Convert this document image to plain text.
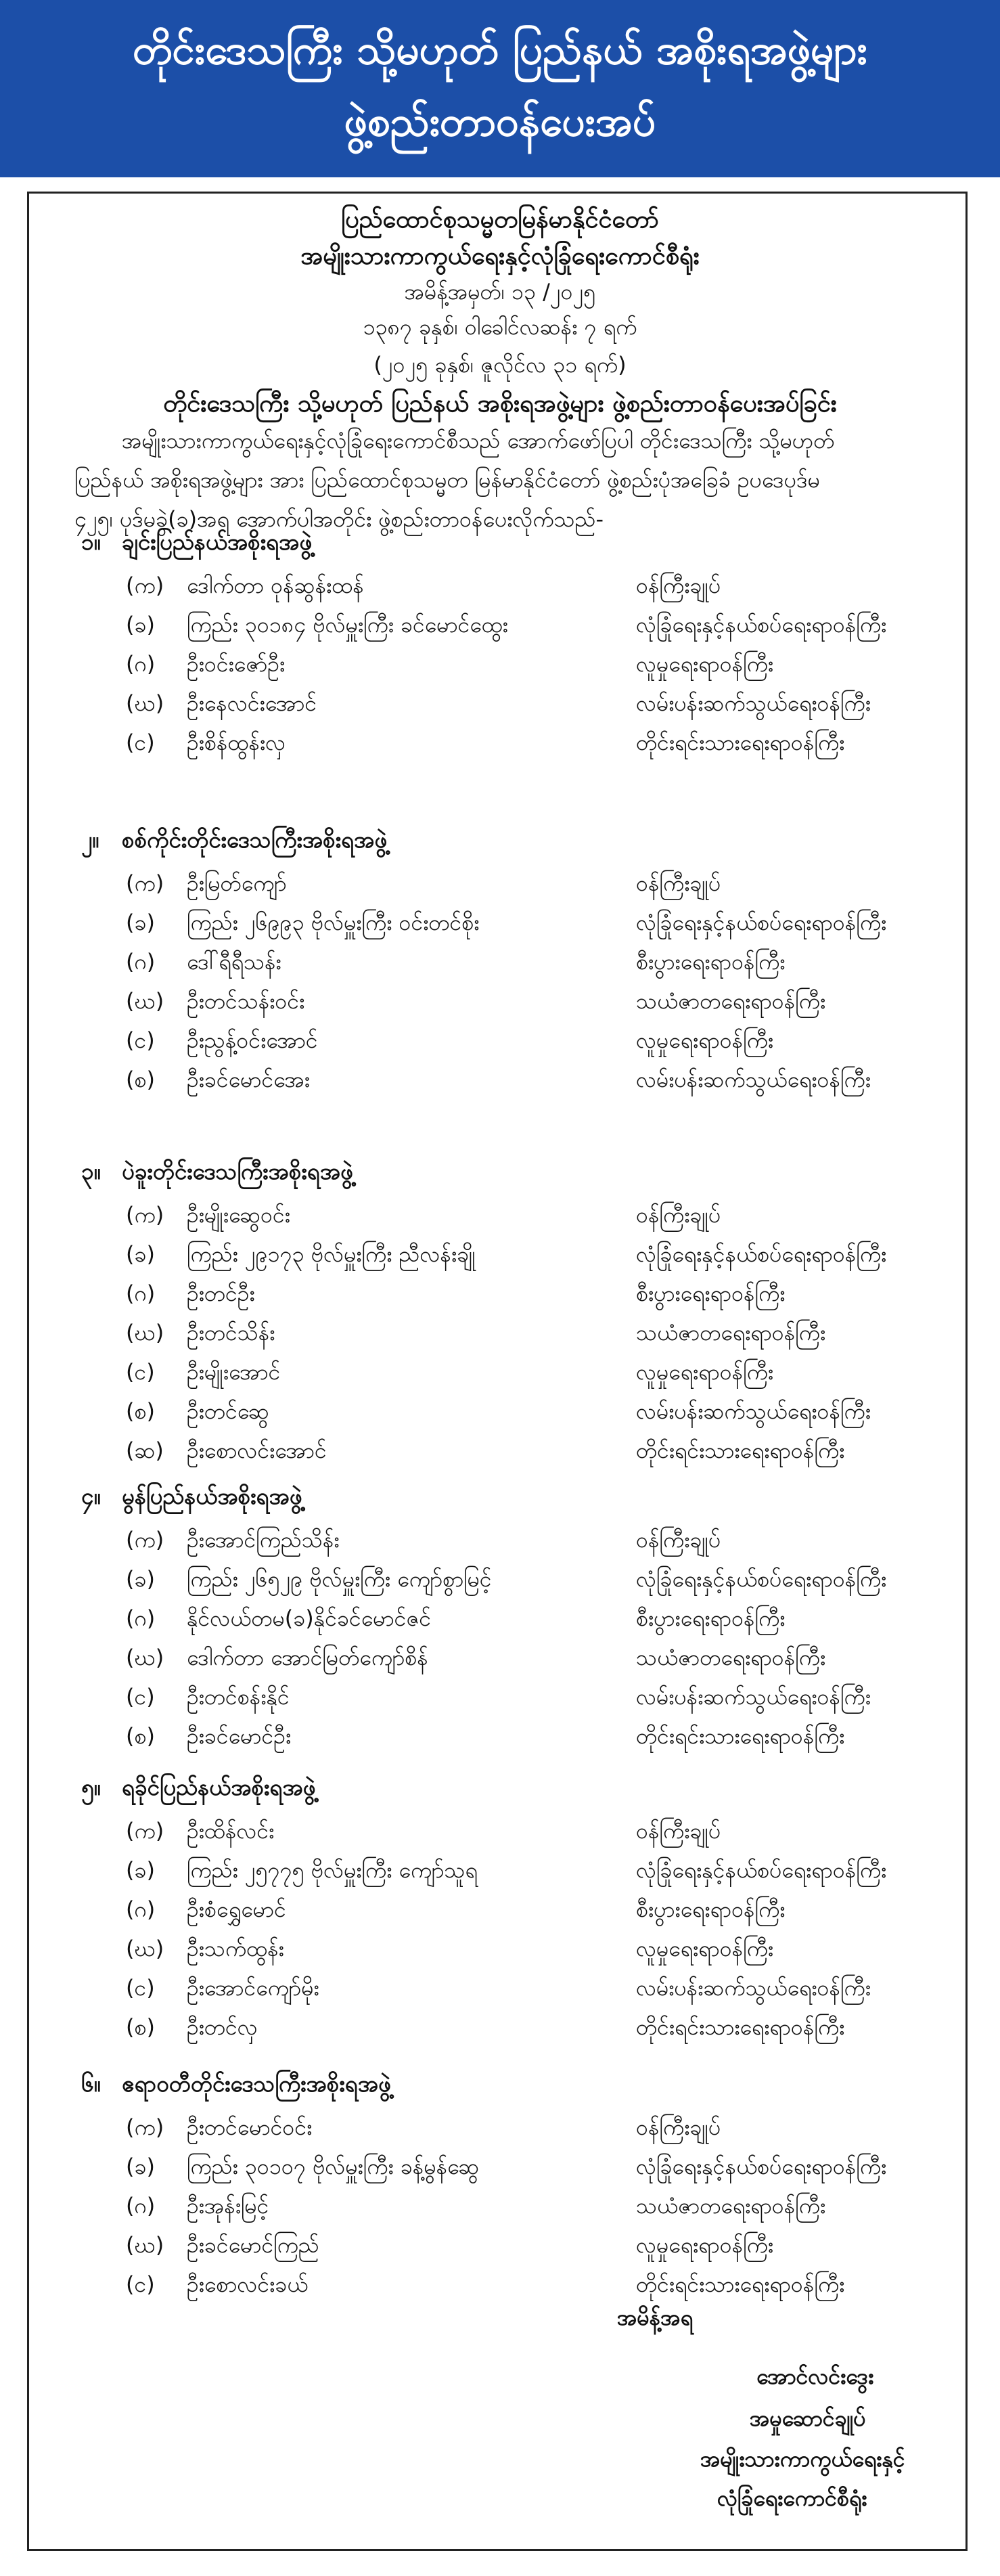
တိုင်းဒေသကြီး သို့မဟုတ် ပြည်နယ် အစိုးရအဖွဲ့များ
ဖွဲ့စည်းတာဝန်ပေးအပ်
ပြည်ထောင်စုသမ္မတမြန်မာနိုင်ငံတော်
အမျိုးသားကာကွယ်ရေးနှင့်လုံခြုံရေးကောင်စီရုံး
အမိန့်အမှတ်၊ ၁၃ /၂၀၂၅
၁၃၈၇ ခုနှစ်၊ ဝါခေါင်လဆန်း ၇ ရက်
(၂၀၂၅ ခုနှစ်၊ ဇူလိုင်လ ၃၁ ရက်)
တိုင်းဒေသကြီး သို့မဟုတ် ပြည်နယ် အစိုးရအဖွဲ့များ ဖွဲ့စည်းတာဝန်ပေးအပ်ခြင်း
အမျိုးသားကာကွယ်ရေးနှင့်လုံခြုံရေးကောင်စီသည် အောက်ဖော်ပြပါ တိုင်းဒေသကြီး သို့မဟုတ်
ပြည်နယ် အစိုးရအဖွဲ့များ အား ပြည်ထောင်စုသမ္မတ မြန်မာနိုင်ငံတော် ဖွဲ့စည်းပုံအခြေခံ ဥပဒေပုဒ်မ
၄၂၅၊ ပုဒ်မခွဲ(ခ)အရ အောက်ပါအတိုင်း ဖွဲ့စည်းတာဝန်ပေးလိုက်သည်-
၁။ ချင်းပြည်နယ်အစိုးရအဖွဲ့
(က) ဒေါက်တာ ဝုန်ဆွန်းထန်	ဝန်ကြီးချုပ်
(ခ) ကြည်း ၃၀၁၈၄ ဗိုလ်မှူးကြီး ခင်မောင်ထွေး	လုံခြုံရေးနှင့်နယ်စပ်ရေးရာဝန်ကြီး
(ဂ) ဦးဝင်းဇော်ဦး	လူမှုရေးရာဝန်ကြီး
(ဃ) ဦးနေလင်းအောင်	လမ်းပန်းဆက်သွယ်ရေးဝန်ကြီး
(င) ဦးစိန်ထွန်းလှ	တိုင်းရင်းသားရေးရာဝန်ကြီး
၂။ စစ်ကိုင်းတိုင်းဒေသကြီးအစိုးရအဖွဲ့
(က) ဦးမြတ်ကျော်	ဝန်ကြီးချုပ်
(ခ) ကြည်း ၂၆၉၉၃ ဗိုလ်မှူးကြီး ဝင်းတင်စိုး	လုံခြုံရေးနှင့်နယ်စပ်ရေးရာဝန်ကြီး
(ဂ) ဒေါ်ရီရီသန်း	စီးပွားရေးရာဝန်ကြီး
(ဃ) ဦးတင်သန်းဝင်း	သယံဇာတရေးရာဝန်ကြီး
(င) ဦးညွန့်ဝင်းအောင်	လူမှုရေးရာဝန်ကြီး
(စ) ဦးခင်မောင်အေး	လမ်းပန်းဆက်သွယ်ရေးဝန်ကြီး
၃။ ပဲခူးတိုင်းဒေသကြီးအစိုးရအဖွဲ့
(က) ဦးမျိုးဆွေဝင်း	ဝန်ကြီးချုပ်
(ခ) ကြည်း ၂၉၁၇၃ ဗိုလ်မှူးကြီး ညီလန်းချို	လုံခြုံရေးနှင့်နယ်စပ်ရေးရာဝန်ကြီး
(ဂ) ဦးတင်ဦး	စီးပွားရေးရာဝန်ကြီး
(ဃ) ဦးတင်သိန်း	သယံဇာတရေးရာဝန်ကြီး
(င) ဦးမျိုးအောင်	လူမှုရေးရာဝန်ကြီး
(စ) ဦးတင်ဆွေ	လမ်းပန်းဆက်သွယ်ရေးဝန်ကြီး
(ဆ) ဦးစောလင်းအောင်	တိုင်းရင်းသားရေးရာဝန်ကြီး
၄။ မွန်ပြည်နယ်အစိုးရအဖွဲ့
(က) ဦးအောင်ကြည်သိန်း	ဝန်ကြီးချုပ်
(ခ) ကြည်း ၂၆၅၂၉ ဗိုလ်မှူးကြီး ကျော်စွာမြင့်	လုံခြုံရေးနှင့်နယ်စပ်ရေးရာဝန်ကြီး
(ဂ) နိုင်လယ်တမ(ခ)နိုင်ခင်မောင်ဇင်	စီးပွားရေးရာဝန်ကြီး
(ဃ) ဒေါက်တာ အောင်မြတ်ကျော်စိန်	သယံဇာတရေးရာဝန်ကြီး
(င) ဦးတင်စန်းနိုင်	လမ်းပန်းဆက်သွယ်ရေးဝန်ကြီး
(စ) ဦးခင်မောင်ဦး	တိုင်းရင်းသားရေးရာဝန်ကြီး
၅။ ရခိုင်ပြည်နယ်အစိုးရအဖွဲ့
(က) ဦးထိန်လင်း	ဝန်ကြီးချုပ်
(ခ) ကြည်း ၂၅၇၇၅ ဗိုလ်မှူးကြီး ကျော်သူရ	လုံခြုံရေးနှင့်နယ်စပ်ရေးရာဝန်ကြီး
(ဂ) ဦးစံရွှေမောင်	စီးပွားရေးရာဝန်ကြီး
(ဃ) ဦးသက်ထွန်း	လူမှုရေးရာဝန်ကြီး
(င) ဦးအောင်ကျော်မိုး	လမ်းပန်းဆက်သွယ်ရေးဝန်ကြီး
(စ) ဦးတင်လှ	တိုင်းရင်းသားရေးရာဝန်ကြီး
၆။ ဧရာဝတီတိုင်းဒေသကြီးအစိုးရအဖွဲ့
(က) ဦးတင်မောင်ဝင်း	ဝန်ကြီးချုပ်
(ခ) ကြည်း ၃၀၁၀၇ ဗိုလ်မှူးကြီး ခန့်မွန်ဆွေ	လုံခြုံရေးနှင့်နယ်စပ်ရေးရာဝန်ကြီး
(ဂ) ဦးအုန်းမြင့်	သယံဇာတရေးရာဝန်ကြီး
(ဃ) ဦးခင်မောင်ကြည်	လူမှုရေးရာဝန်ကြီး
(င) ဦးစောလင်းခယ်	တိုင်းရင်းသားရေးရာဝန်ကြီး
အမိန့်အရ
အောင်လင်းဒွေး
အမှုဆောင်ချုပ်
အမျိုးသားကာကွယ်ရေးနှင့်
လုံခြုံရေးကောင်စီရုံး
